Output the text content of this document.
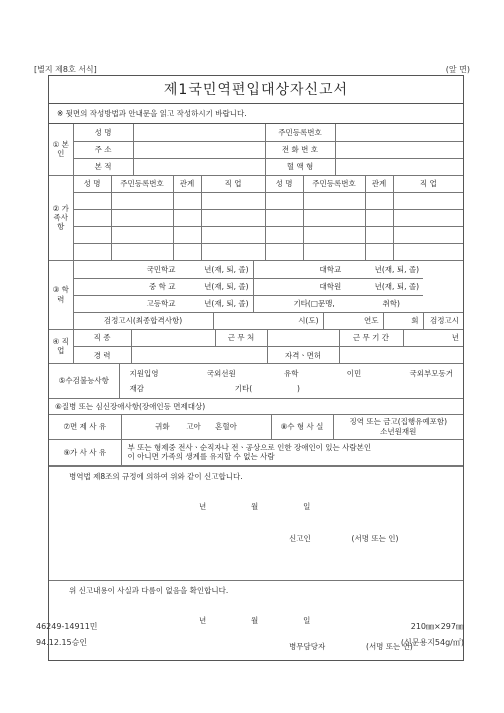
[별지 제8호 서식]	(앞 면)
제1국민역편입대상자신고서
※ 뒷면의 작성방법과 안내문을 읽고 작성하시기 바랍니다.
① 본인	성 명		주민등록번호	
	주 소		전 화 번 호	
	본 적		혈 액 형	
② 가족사항	성 명	주민등록번호	관계	직 업	성 명	주민등록번호	관계	직 업

③ 학력	국민학교 년(재, 퇴, 졸)		대학교 년(재, 퇴, 졸)			
	중 학 교 년(재, 퇴, 졸)		대학원 년(재, 퇴, 졸)			
	고등학교 년(재, 퇴, 졸)		기타(□문맹, 취학)			
	검정고시(최종합격사항)	시(도)		연도	회	검정고시
④ 직업	직 종		근 무 처		근 무 기 간	년
	경 력			자격ㆍ면허		
⑤수검불능사항	
지원입영	국외선원	유학	이민	국외부모동거
재감	기타(	)
⑥질병 또는 심신장애사항(장애인등 면제대상)
⑦면 제 사 유	귀화 고아 혼혈아	⑧수 형 사 실	
징역 또는 금고(집행유예포함)
소년원재원
⑨가 사 사 유	
부 또는 형제중 전사ㆍ순직자나 전ㆍ공상으로 인한 장애인이 있는 사람본인
이 아니면 가족의 생계를 유지할 수 없는 사람
병역법 제8조의 규정에 의하여 위와 같이 신고합니다.
년	월	일
신고인	(서명 또는 인)
위 신고내용이 사실과 다름이 없음을 확인합니다.
년	월	일
병무담당자	(서명 또는 인)
46249-14911민	210㎜×297㎜
94.12.15승인	(신문용지54g/㎡)
